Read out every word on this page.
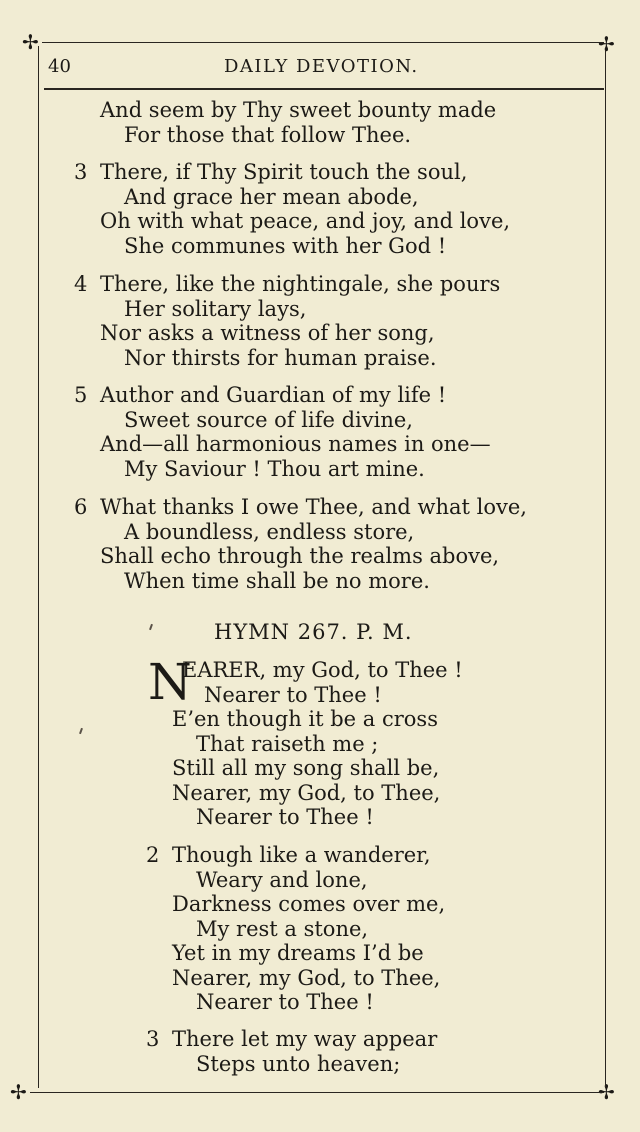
✢	✢
✢	✢
40	DAILY DEVOTION.
And seem by Thy sweet bounty made
For those that follow Thee.
3 There, if Thy Spirit touch the soul,
And grace her mean abode,
Oh with what peace, and joy, and love,
She communes with her God !
4 There, like the nightingale, she pours
Her solitary lays,
Nor asks a witness of her song,
Nor thirsts for human praise.
5 Author and Guardian of my life !
Sweet source of life divine,
And—all harmonious names in one—
My Saviour ! Thou art mine.
6 What thanks I owe Thee, and what love,
A boundless, endless store,
Shall echo through the realms above,
When time shall be no more.
HYMN 267. P. M.
N
EARER, my God, to Thee !
Nearer to Thee !
E’en though it be a cross
That raiseth me ;
Still all my song shall be,
Nearer, my God, to Thee,
Nearer to Thee !
2 Though like a wanderer,
Weary and lone,
Darkness comes over me,
My rest a stone,
Yet in my dreams I’d be
Nearer, my God, to Thee,
Nearer to Thee !
3 There let my way appear
Steps unto heaven;
